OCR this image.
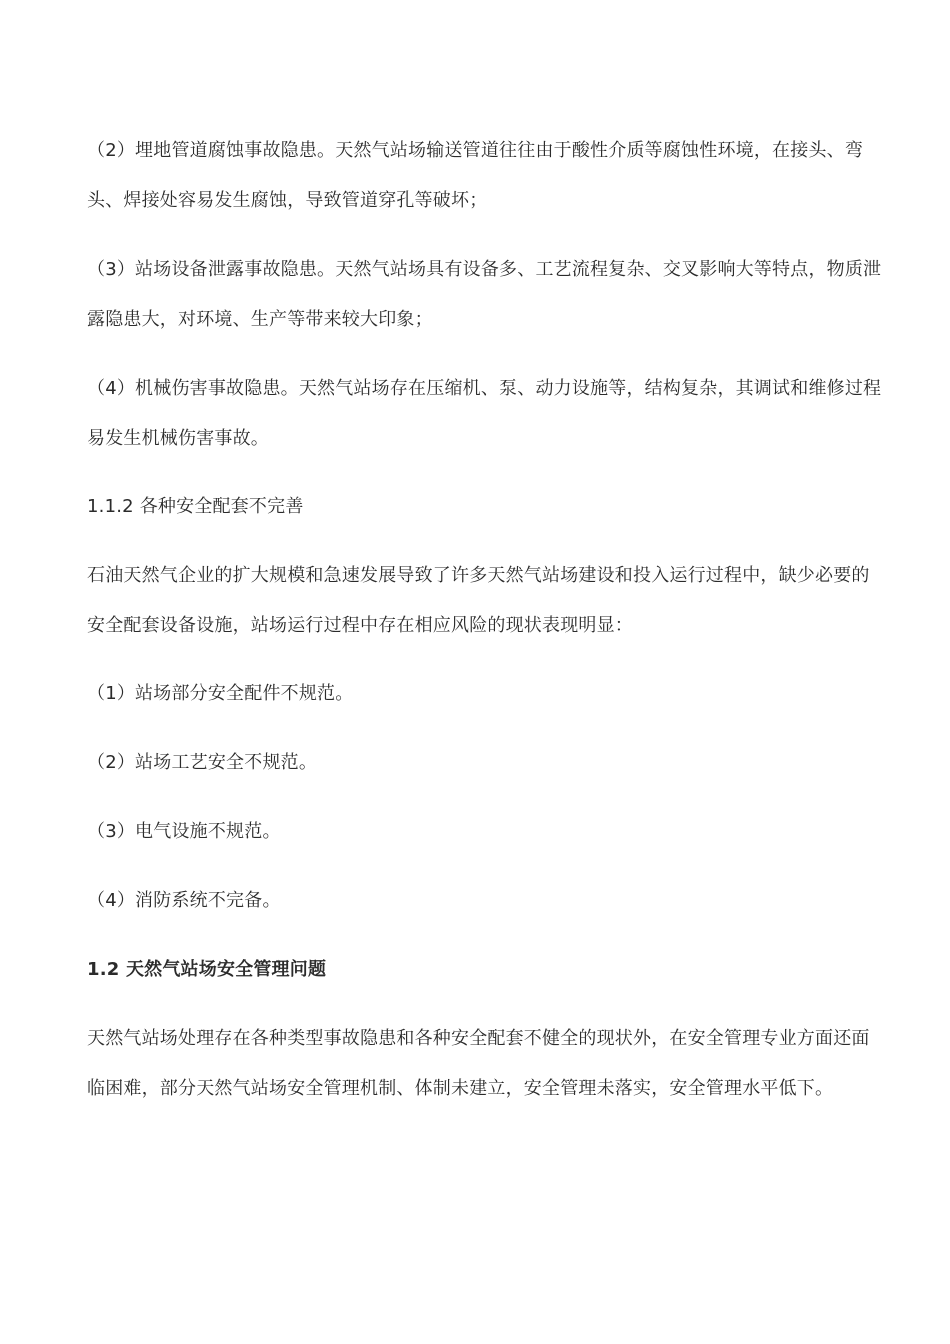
（2）埋地管道腐蚀事故隐患。天然气站场输送管道往往由于酸性介质等腐蚀性环境，在接头、弯头、焊接处容易发生腐蚀，导致管道穿孔等破坏；
（3）站场设备泄露事故隐患。天然气站场具有设备多、工艺流程复杂、交叉影响大等特点，物质泄露隐患大，对环境、生产等带来较大印象；
（4）机械伤害事故隐患。天然气站场存在压缩机、泵、动力设施等，结构复杂，其调试和维修过程易发生机械伤害事故。
1.1.2 各种安全配套不完善
石油天然气企业的扩大规模和急速发展导致了许多天然气站场建设和投入运行过程中，缺少必要的安全配套设备设施，站场运行过程中存在相应风险的现状表现明显：
（1）站场部分安全配件不规范。
（2）站场工艺安全不规范。
（3）电气设施不规范。
（4）消防系统不完备。
1.2 天然气站场安全管理问题
天然气站场处理存在各种类型事故隐患和各种安全配套不健全的现状外，在安全管理专业方面还面临困难，部分天然气站场安全管理机制、体制未建立，安全管理未落实，安全管理水平低下。
